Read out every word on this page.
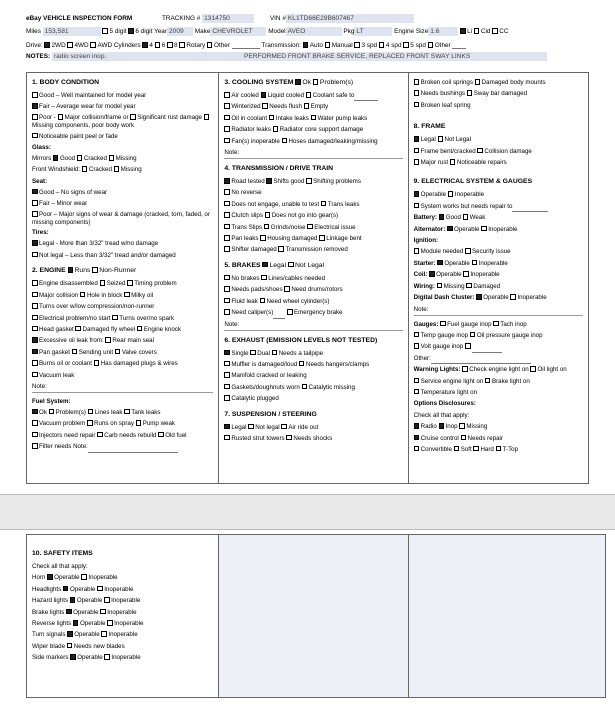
eBay VEHICLE INSPECTION FORM	TRACKING # 1314750	VIN # KL1TD66E29B607467
Miles 153,581	5 digit 6 digit Year 2009 Make CHEVROLET Model AVEO	Pkg LT	Engine Size 1.6	Li Cid CC
Drive: 2WD 4WD AWD Cylinders 4 6 8 Rotary Other	Transmission: Auto Manual 3 spd 4 spd 5 spd Other
NOTES: radio screen inop.	PERFORMED FRONT BRAKE SERVICE, REPLACED FRONT SWAY LINKS
1. BODY CONDITION
Good – Well maintained for model year
Fair – Average wear for model year
Poor - Major collision/frame or Significant rust damage Missing components, poor body work
Noticeable paint peel or fade
Glass:
Mirrors Good Cracked Missing
Front Windshield: Cracked Missing
Seat:
Good – No signs of wear
Fair – Minor wear
Poor – Major signs of wear & damage (cracked, torn, faded, or missing components)
Tires:
Legal - More than 3/32" tread w/no damage
Not legal – Less than 3/32" tread and/or damaged
2. ENGINE Runs Non-Runner
Engine disassembled Seized Timing problem
Major collision Hole in block Milky oil
Turns over w/low compression/non-runner
Electrical problem/no start Turns over/no spark
Head gasket Damaged fly wheel Engine knock
Excessive oil leak from: Rear main seal
Pan gasket Sending unit Valve covers
Burns oil or coolant Has damaged plugs & wires
Vacuum leak
Note:
Fuel System:
Ok Problem(s) Lines leak Tank leaks
Vacuum problem Runs on spray Pump weak
Injectors need repair Carb needs rebuild Old fuel
Filter needs Note:
3. COOLING SYSTEM Ok Problem(s)
Air cooled Liquid cooled Coolant safe to
Winterized Needs flush Empty
Oil in coolant Intake leaks Water pump leaks
Radiator leaks Radiator core support damage
Fan(s) inoperable Hoses damaged/leaking/missing
Note:
4. TRANSMISSION / DRIVE TRAIN
Road tested Shifts good Shifting problems
No reverse
Does not engage, unable to test Trans leaks
Clutch slips Does not go into gear(s)
Trans Slips Grinds/noise Electrical issue
Pan leaks Housing damaged Linkage bent
Shifter damaged Transmission removed
5. BRAKES Legal Not Legal
No brakes Lines/cables needed
Needs pads/shoes Need drums/rotors
Fluid leak Need wheel cylinder(s)
Need caliper(s)	Emergency brake
Note:
6. EXHAUST (EMISSION LEVELS NOT TESTED)
Single Dual Needs a tailpipe
Muffler is damaged/loud Needs hangers/clamps
Manifold cracked or leaking
Gaskets/doughnuts worn Catalytic missing
Catalytic plugged
7. SUSPENSION / STEERING
Legal Not legal Air ride out
Rusted strut towers Needs shocks
Broken coil springs Damaged body mounts
Needs bushings Sway bar damaged
Broken leaf spring
8. FRAME
Legal Not Legal
Frame bent/cracked Collision damage
Major rust Noticeable repairs
9. ELECTRICAL SYSTEM & GAUGES
Operable Inoperable
System works but needs repair to
Battery: Good Weak
Alternator: Operable Inoperable
Ignition:
Module needed Security issue
Starter: Operable Inoperable
Coil: Operable Inoperable
Wiring: Missing Damaged
Digital Dash Cluster: Operable Inoperable
Note:
Gauges: Fuel gauge inop Tach inop
Temp gauge inop Oil pressure gauge inop
Volt gauge inop
Other:
Warning Lights: Check engine light on Oil light on
Service engine light on Brake light on
Temperature light on
Options Disclosures:
Check all that apply:
Radio Inop Missing
Cruise control Needs repair
Convertible Soft Hard T-Top
10. SAFETY ITEMS
Check all that apply:
Horn Operable Inoperable
Headlights Operable Inoperable
Hazard lights Operable Inoperable
Brake lights Operable Inoperable
Reverse lights Operable Inoperable
Turn signals Operable Inoperable
Wiper blade Needs new blades
Side markers Operable Inoperable
